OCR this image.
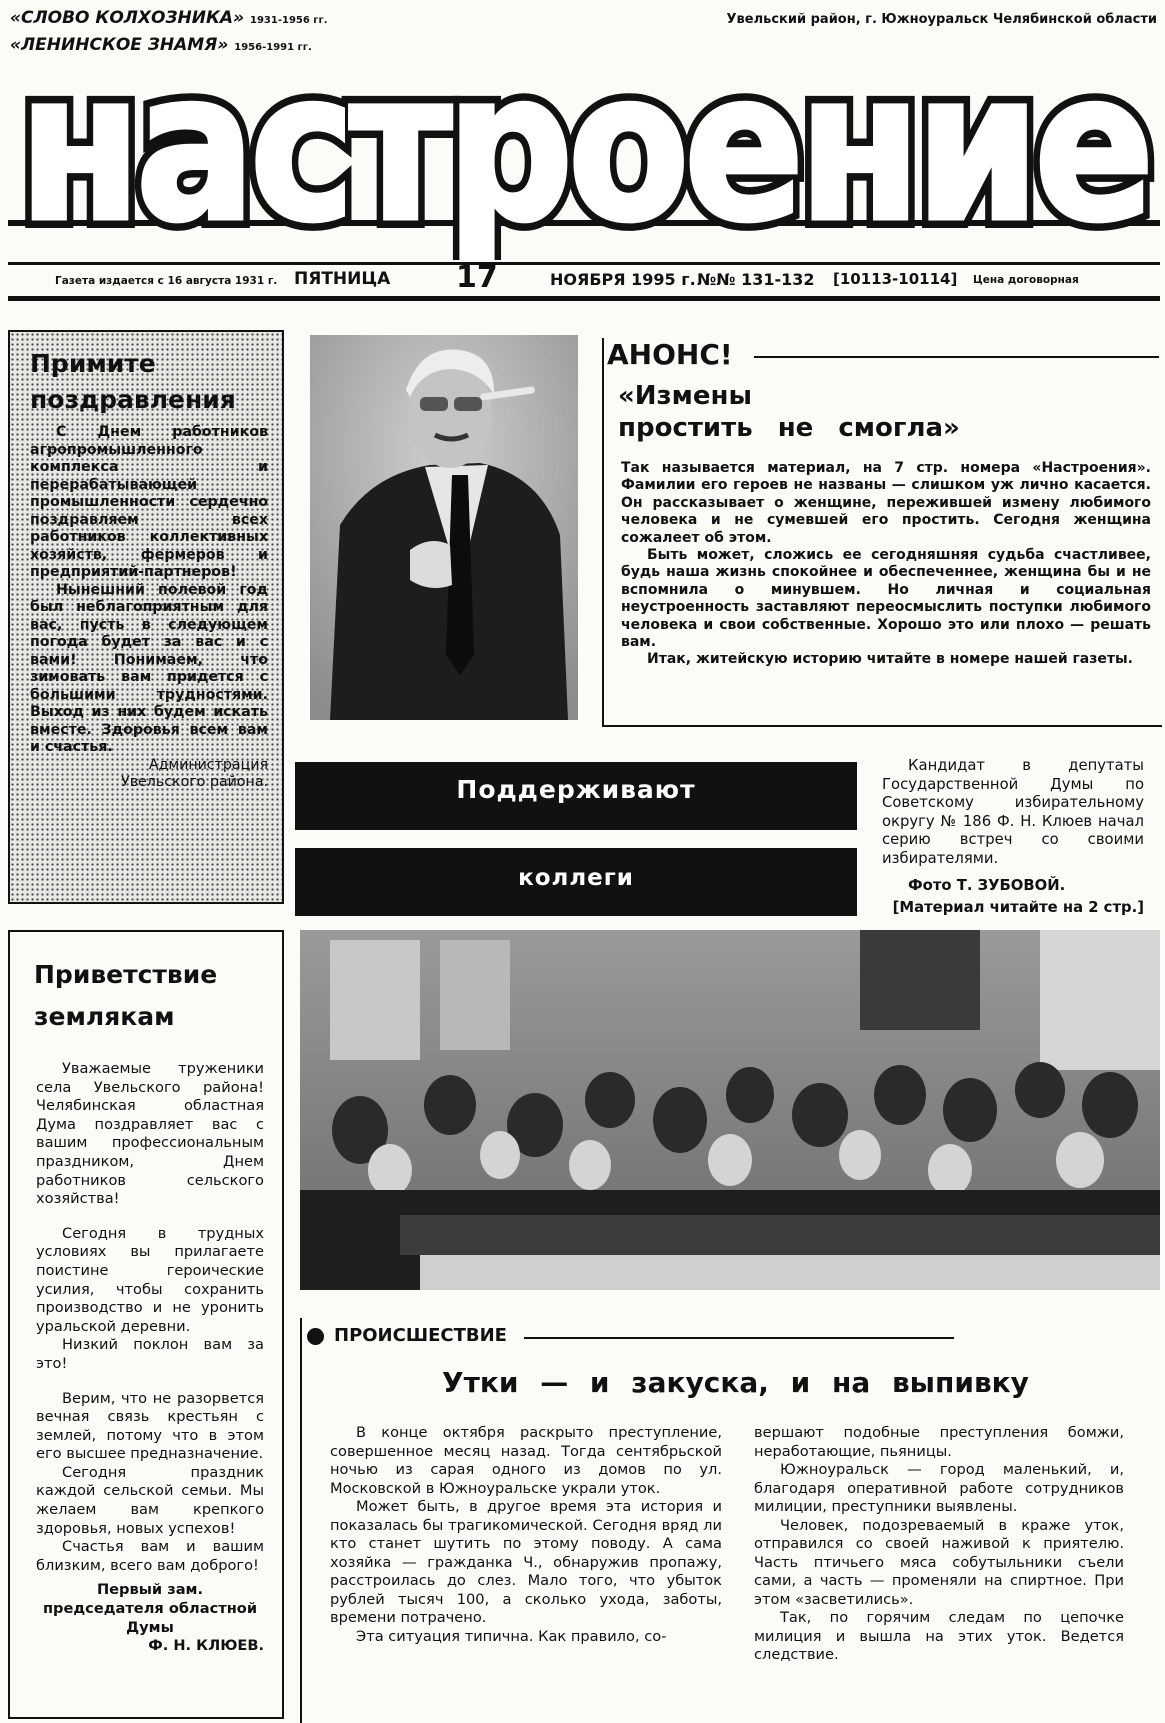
«СЛОВО КОЛХОЗНИКА» 1931-1956 гг.
«ЛЕНИНСКОЕ ЗНАМЯ» 1956-1991 гг.
Увельский район, г. Южноуральск Челябинской области
настроение
настроение
Газета издается с 16 августа 1931 г. ПЯТНИЦА 17	НОЯБРЯ 1995 г. №№ 131-132 [10113-10114] Цена договорная
Примите поздравления

С Днем работников агропромышленного комплекса и перерабатывающей промышленности сердечно поздравляем всех работников коллективных хозяйств, фермеров и предприятий-партнеров!

Нынешний полевой год был неблагоприятным для вас, пусть в следующем погода будет за вас и с вами! Понимаем, что зимовать вам придется с большими трудностями. Выход из них будем искать вместе. Здоровья всем вам и счастья.

Администрация

Увельского района.

АНОНС!
«Измены
простить не смогла»

Так называется материал, на 7 стр. номера «Настроения». Фамилии его героев не названы — слишком уж лично касается. Он рассказывает о женщине, пережившей измену любимого человека и не сумевшей его простить. Сегодня женщина сожалеет об этом.

Быть может, сложись ее сегодняшняя судьба счастливее, будь наша жизнь спокойнее и обеспеченнее, женщина бы и не вспомнила о минувшем. Но личная и социальная неустроенность заставляют переосмыслить поступки любимого человека и свои собственные. Хорошо это или плохо — решать вам.

Итак, житейскую историю читайте в номере нашей газеты.

Поддерживают
коллеги

Кандидат в депутаты Государственной Думы по Советскому избирательному округу № 186 Ф. Н. Клюев начал серию встреч со своими избирателями.

Фото Т. ЗУБОВОЙ.

[Материал читайте на 2 стр.]

Приветствие
землякам

Уважаемые труженики села Увельского района! Челябинская областная Дума поздравляет вас с вашим профессиональным праздником, Днем работников сельского хозяйства!

Сегодня в трудных условиях вы прилагаете поистине героические усилия, чтобы сохранить производство и не уронить уральской деревни.

Низкий поклон вам за это!

Верим, что не разорвется вечная связь крестьян с землей, потому что в этом его высшее предназначение.

Сегодня праздник каждой сельской семьи. Мы желаем вам крепкого здоровья, новых успехов!

Счастья вам и вашим близким, всего вам доброго!

Первый зам. председателя областной Думы

Ф. Н. КЛЮЕВ.

ПРОИСШЕСТВИЕ
Утки — и закуска, и на выпивку

В конце октября раскрыто преступление, совершенное месяц назад. Тогда сентябрьской ночью из сарая одного из домов по ул. Московской в Южноуральске украли уток.

Может быть, в другое время эта история и показалась бы трагикомической. Сегодня вряд ли кто станет шутить по этому поводу. А сама хозяйка — гражданка Ч., обнаружив пропажу, расстроилась до слез. Мало того, что убыток рублей тысяч 100, а сколько ухода, заботы, времени потрачено.

Эта ситуация типична. Как правило, со-

вершают подобные преступления бомжи, неработающие, пьяницы.

Южноуральск — город маленький, и, благодаря оперативной работе сотрудников милиции, преступники выявлены.

Человек, подозреваемый в краже уток, отправился со своей наживой к приятелю. Часть птичьего мяса собутыльники съели сами, а часть — променяли на спиртное. При этом «засветились».

Так, по горячим следам по цепочке милиция и вышла на этих уток. Ведется следствие.
